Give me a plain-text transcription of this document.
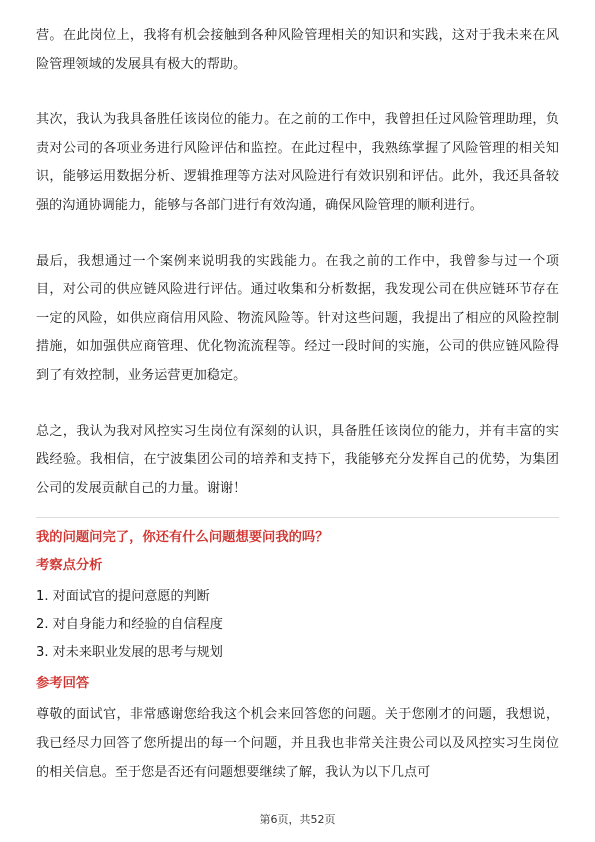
营。在此岗位上，我将有机会接触到各种风险管理相关的知识和实践，这对于我未来在风险管理领域的发展具有极大的帮助。

其次，我认为我具备胜任该岗位的能力。在之前的工作中，我曾担任过风险管理助理，负责对公司的各项业务进行风险评估和监控。在此过程中，我熟练掌握了风险管理的相关知识，能够运用数据分析、逻辑推理等方法对风险进行有效识别和评估。此外，我还具备较强的沟通协调能力，能够与各部门进行有效沟通，确保风险管理的顺利进行。

最后，我想通过一个案例来说明我的实践能力。在我之前的工作中，我曾参与过一个项目，对公司的供应链风险进行评估。通过收集和分析数据，我发现公司在供应链环节存在一定的风险，如供应商信用风险、物流风险等。针对这些问题，我提出了相应的风险控制措施，如加强供应商管理、优化物流流程等。经过一段时间的实施，公司的供应链风险得到了有效控制，业务运营更加稳定。

总之，我认为我对风控实习生岗位有深刻的认识，具备胜任该岗位的能力，并有丰富的实践经验。我相信，在宁波集团公司的培养和支持下，我能够充分发挥自己的优势，为集团公司的发展贡献自己的力量。谢谢！

我的问题问完了，你还有什么问题想要问我的吗？
考察点分析
1. 对面试官的提问意愿的判断
2. 对自身能力和经验的自信程度
3. 对未来职业发展的思考与规划
参考回答

尊敬的面试官，非常感谢您给我这个机会来回答您的问题。关于您刚才的问题，我想说，我已经尽力回答了您所提出的每一个问题，并且我也非常关注贵公司以及风控实习生岗位的相关信息。至于您是否还有问题想要继续了解，我认为以下几点可

第6页，共52页
